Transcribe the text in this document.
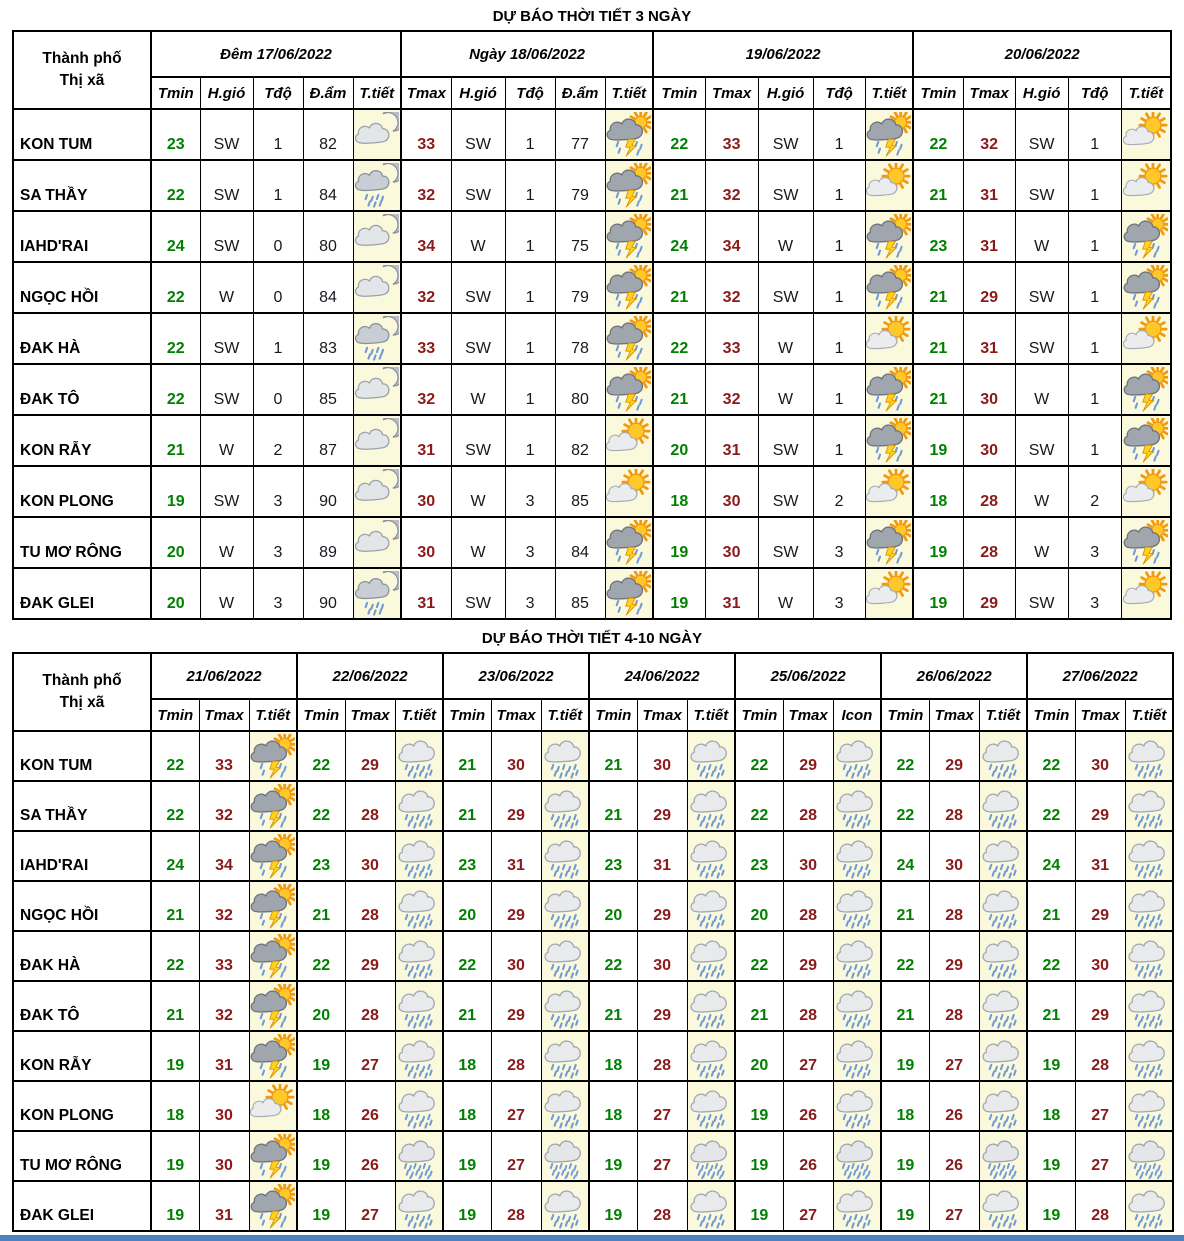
DỰ BÁO THỜI TIẾT 3 NGÀY
Thành phố
Thị xã	Đêm 17/06/2022					Ngày 18/06/2022					19/06/2022					20/06/2022				
	Tmin	H.gió	Tđộ	Đ.ẩm	T.tiết	Tmax	H.gió	Tđộ	Đ.ẩm	T.tiết	Tmin	Tmax	H.gió	Tđộ	T.tiết	Tmin	Tmax	H.gió	Tđộ	T.tiết
KON TUM	23	SW	1	82		33	SW	1	77		22	33	SW	1		22	32	SW	1	

SA THẦY	22	SW	1	84		32	SW	1	79		21	32	SW	1		21	31	SW	1	

IAHD'RAI	24	SW	0	80		34	W	1	75		24	34	W	1		23	31	W	1	

NGỌC HỒI	22	W	0	84		32	SW	1	79		21	32	SW	1		21	29	SW	1	

ĐAK HÀ	22	SW	1	83		33	SW	1	78		22	33	W	1		21	31	SW	1	

ĐAK TÔ	22	SW	0	85		32	W	1	80		21	32	W	1		21	30	W	1	

KON RẪY	21	W	2	87		31	SW	1	82		20	31	SW	1		19	30	SW	1	

KON PLONG	19	SW	3	90		30	W	3	85		18	30	SW	2		18	28	W	2	

TU MƠ RÔNG	20	W	3	89		30	W	3	84		19	30	SW	3		19	28	W	3	

ĐAK GLEI	20	W	3	90		31	SW	3	85		19	31	W	3		19	29	SW	3	
DỰ BÁO THỜI TIẾT 4-10 NGÀY
Thành phố
Thị xã	21/06/2022			22/06/2022			23/06/2022			24/06/2022			25/06/2022			26/06/2022			27/06/2022		
	Tmin	Tmax	T.tiết	Tmin	Tmax	T.tiết	Tmin	Tmax	T.tiết	Tmin	Tmax	T.tiết	Tmin	Tmax	Icon	Tmin	Tmax	T.tiết	Tmin	Tmax	T.tiết
KON TUM	22	33		22	29		21	30		21	30		22	29		22	29		22	30	

SA THẦY	22	32		22	28		21	29		21	29		22	28		22	28		22	29	

IAHD'RAI	24	34		23	30		23	31		23	31		23	30		24	30		24	31	

NGỌC HỒI	21	32		21	28		20	29		20	29		20	28		21	28		21	29	

ĐAK HÀ	22	33		22	29		22	30		22	30		22	29		22	29		22	30	

ĐAK TÔ	21	32		20	28		21	29		21	29		21	28		21	28		21	29	

KON RẪY	19	31		19	27		18	28		18	28		20	27		19	27		19	28	

KON PLONG	18	30		18	26		18	27		18	27		19	26		18	26		18	27	

TU MƠ RÔNG	19	30		19	26		19	27		19	27		19	26		19	26		19	27	

ĐAK GLEI	19	31		19	27		19	28		19	28		19	27		19	27		19	28	
